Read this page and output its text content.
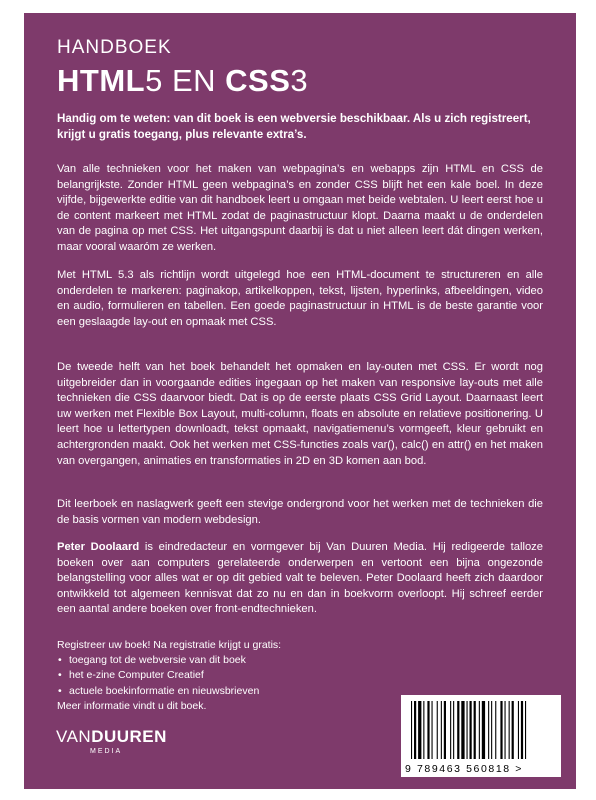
HANDBOEK
HTML5 EN CSS3

Handig om te weten: van dit boek is een webversie beschikbaar. Als u zich registreert, krijgt u gratis toegang, plus relevante extra’s.

Van alle technieken voor het maken van webpagina’s en webapps zijn HTML en CSS de belangrijkste. Zonder HTML geen webpagina’s en zonder CSS blijft het een kale boel. In deze vijfde, bijgewerkte editie van dit handboek leert u omgaan met beide webtalen. U leert eerst hoe u de content markeert met HTML zodat de paginastructuur klopt. Daarna maakt u de onderdelen van de pagina op met CSS. Het uitgangspunt daarbij is dat u niet alleen leert dát dingen werken, maar vooral waaróm ze werken.

Met HTML 5.3 als richtlijn wordt uitgelegd hoe een HTML-document te structureren en alle onderdelen te markeren: paginakop, artikelkoppen, tekst, lijsten, hyperlinks, afbeeldingen, video en audio, formulieren en tabellen. Een goede paginastructuur in HTML is de beste garantie voor een geslaagde lay-out en opmaak met CSS.

De tweede helft van het boek behandelt het opmaken en lay-outen met CSS. Er wordt nog uitgebreider dan in voorgaande edities ingegaan op het maken van responsive lay-outs met alle technieken die CSS daarvoor biedt. Dat is op de eerste plaats CSS Grid Layout. Daarnaast leert uw werken met Flexible Box Layout, multi-column, floats en absolute en relatieve positionering. U leert hoe u lettertypen downloadt, tekst opmaakt, navigatiemenu’s vormgeeft, kleur gebruikt en achtergronden maakt. Ook het werken met CSS-functies zoals var(), calc() en attr() en het maken van overgangen, animaties en transformaties in 2D en 3D komen aan bod.

Dit leerboek en naslagwerk geeft een stevige ondergrond voor het werken met de technieken die de basis vormen van modern webdesign.

Peter Doolaard is eindredacteur en vormgever bij Van Duuren Media. Hij redigeerde talloze boeken over aan computers gerelateerde onderwerpen en vertoont een bijna ongezonde belangstelling voor alles wat er op dit gebied valt te beleven. Peter Doolaard heeft zich daardoor ontwikkeld tot algemeen kennisvat dat zo nu en dan in boekvorm overloopt. Hij schreef eerder een aantal andere boeken over front-endtechnieken.

Registreer uw boek! Na registratie krijgt u gratis:
• toegang tot de webversie van dit boek
• het e-zine Computer Creatief
• actuele boekinformatie en nieuwsbrieven
Meer informatie vindt u dit boek.
VANDUUREN
MEDIA
9 789463 560818 >
